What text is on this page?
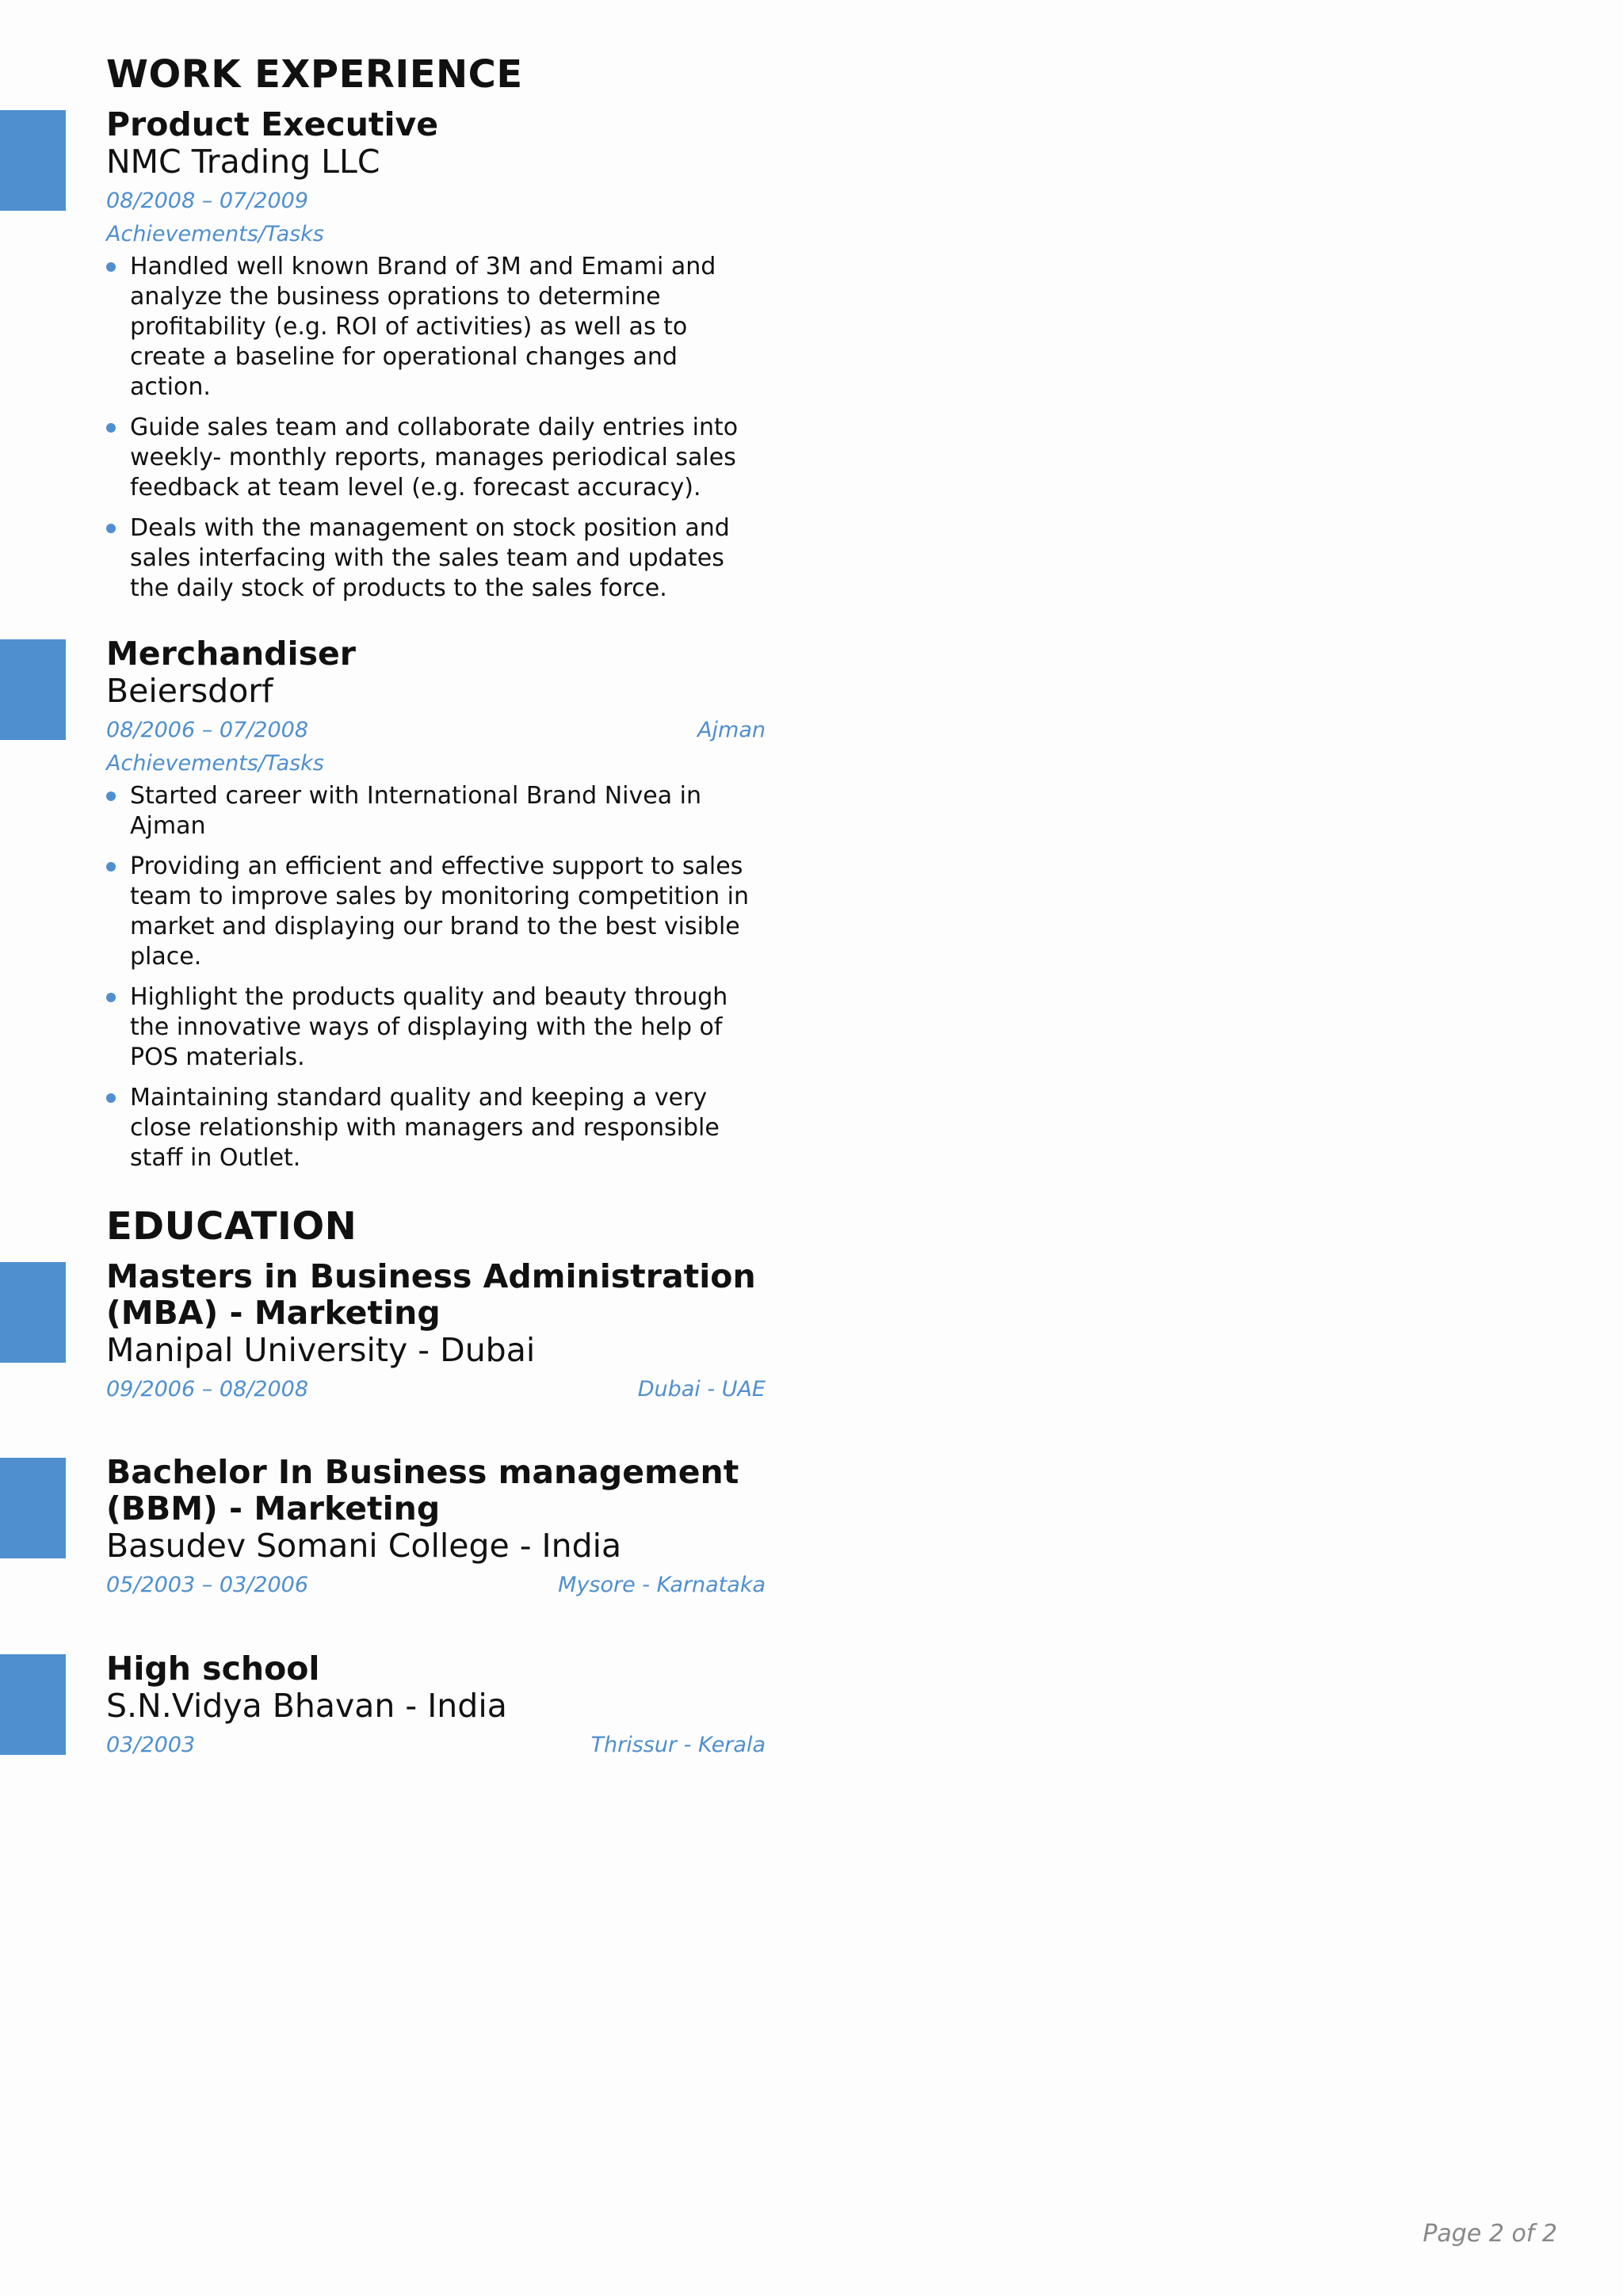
WORK EXPERIENCE
Product Executive
NMC Trading LLC
08/2008 – 07/2009
Achievements/Tasks
Handled well known Brand of 3M and Emami and analyze the business oprations to determine profitability (e.g. ROI of activities) as well as to create a baseline for operational changes and action.
Guide sales team and collaborate daily entries into weekly- monthly reports, manages periodical sales feedback at team level (e.g. forecast accuracy).
Deals with the management on stock position and sales interfacing with the sales team and updates the daily stock of products to the sales force.
Merchandiser
Beiersdorf
08/2006 – 07/2008	Ajman
Achievements/Tasks
Started career with International Brand Nivea in Ajman
Providing an efficient and effective support to sales team to improve sales by monitoring competition in market and displaying our brand to the best visible place.
Highlight the products quality and beauty through the innovative ways of displaying with the help of POS materials.
Maintaining standard quality and keeping a very close relationship with managers and responsible staff in Outlet.
EDUCATION
Masters in Business Administration (MBA) - Marketing
Manipal University - Dubai
09/2006 – 08/2008	Dubai - UAE
Bachelor In Business management (BBM) - Marketing
Basudev Somani College - India
05/2003 – 03/2006	Mysore - Karnataka
High school
S.N.Vidya Bhavan - India
03/2003	Thrissur - Kerala
Page 2 of 2
